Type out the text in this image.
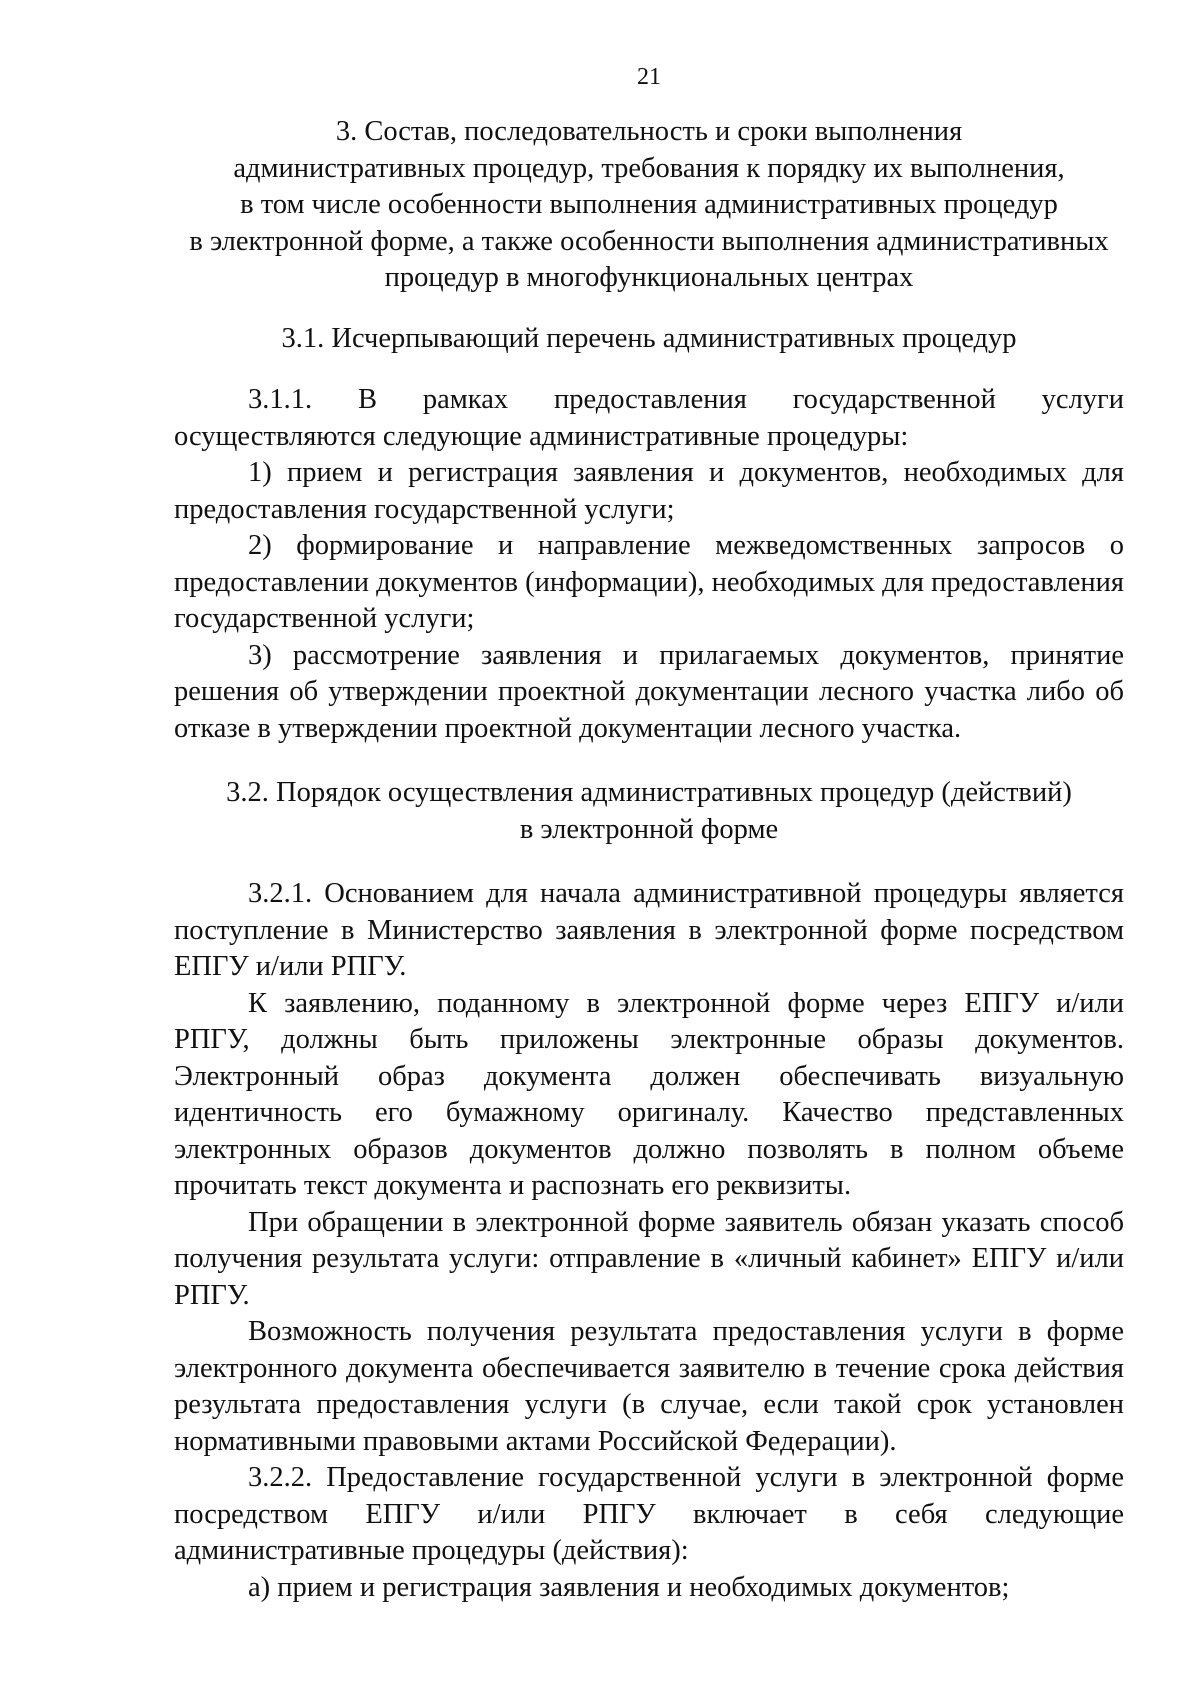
21
3. Состав, последовательность и сроки выполнения
административных процедур, требования к порядку их выполнения,
в том числе особенности выполнения административных процедур
в электронной форме, а также особенности выполнения административных
процедур в многофункциональных центрах
3.1. Исчерпывающий перечень административных процедур

3.1.1. В рамках предоставления государственной услуги осуществляются следующие административные процедуры:

1) прием и регистрация заявления и документов, необходимых для предоставления государственной услуги;

2) формирование и направление межведомственных запросов о предоставлении документов (информации), необходимых для предоставления государственной услуги;

3) рассмотрение заявления и прилагаемых документов, принятие решения об утверждении проектной документации лесного участка либо об отказе в утверждении проектной документации лесного участка.

3.2. Порядок осуществления административных процедур (действий)
в электронной форме

3.2.1. Основанием для начала административной процедуры является поступление в Министерство заявления в электронной форме посредством ЕПГУ и/или РПГУ.

К заявлению, поданному в электронной форме через ЕПГУ и/или РПГУ, должны быть приложены электронные образы документов. Электронный образ документа должен обеспечивать визуальную идентичность его бумажному оригиналу. Качество представленных электронных образов документов должно позволять в полном объеме прочитать текст документа и распознать его реквизиты.

При обращении в электронной форме заявитель обязан указать способ получения результата услуги: отправление в «личный кабинет» ЕПГУ и/или РПГУ.

Возможность получения результата предоставления услуги в форме электронного документа обеспечивается заявителю в течение срока действия результата предоставления услуги (в случае, если такой срок установлен нормативными правовыми актами Российской Федерации).

3.2.2. Предоставление государственной услуги в электронной форме посредством ЕПГУ и/или РПГУ включает в себя следующие административные процедуры (действия):

а) прием и регистрация заявления и необходимых документов;
